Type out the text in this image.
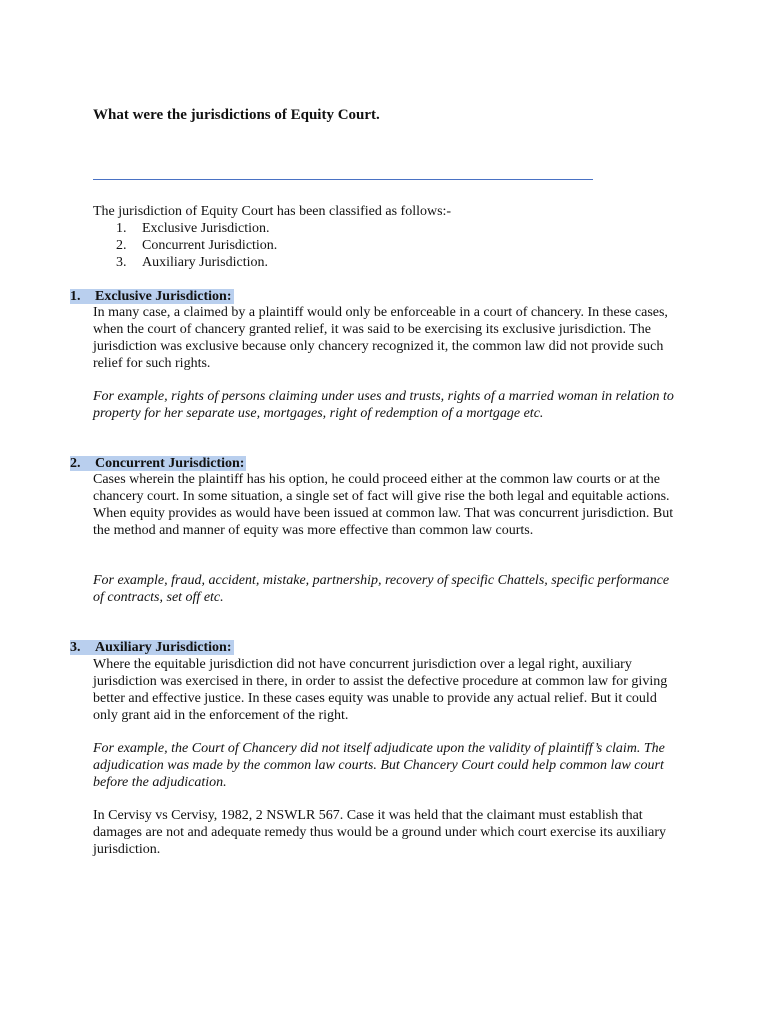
What were the jurisdictions of Equity Court.

The jurisdiction of Equity Court has been classified as follows:-

1. Exclusive Jurisdiction.
2. Concurrent Jurisdiction.
3. Auxiliary Jurisdiction.
1. Exclusive Jurisdiction:

In many case, a claimed by a plaintiff would only be enforceable in a court of chancery. In these cases, when the court of chancery granted relief, it was said to be exercising its exclusive jurisdiction. The jurisdiction was exclusive because only chancery recognized it, the common law did not provide such relief for such rights.

For example, rights of persons claiming under uses and trusts, rights of a married woman in relation to property for her separate use, mortgages, right of redemption of a mortgage etc.

2. Concurrent Jurisdiction:

Cases wherein the plaintiff has his option, he could proceed either at the common law courts or at the chancery court. In some situation, a single set of fact will give rise the both legal and equitable actions. When equity provides as would have been issued at common law. That was concurrent jurisdiction. But the method and manner of equity was more effective than common law courts.

For example, fraud, accident, mistake, partnership, recovery of specific Chattels, specific performance of contracts, set off etc.

3. Auxiliary Jurisdiction:

Where the equitable jurisdiction did not have concurrent jurisdiction over a legal right, auxiliary jurisdiction was exercised in there, in order to assist the defective procedure at common law for giving better and effective justice. In these cases equity was unable to provide any actual relief. But it could only grant aid in the enforcement of the right.

For example, the Court of Chancery did not itself adjudicate upon the validity of plaintiff’s claim. The adjudication was made by the common law courts. But Chancery Court could help common law court before the adjudication.

In Cervisy vs Cervisy, 1982, 2 NSWLR 567. Case it was held that the claimant must establish that damages are not and adequate remedy thus would be a ground under which court exercise its auxiliary jurisdiction.
